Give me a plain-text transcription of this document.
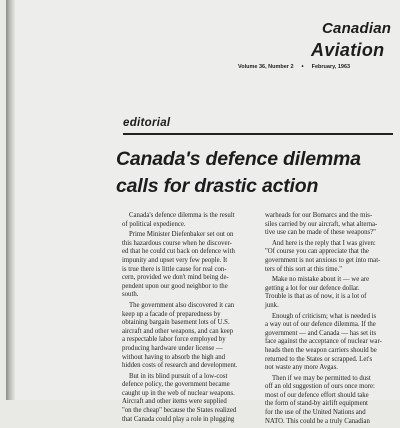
Canadian
Aviation
Volume 36, Number 2 • February, 1963
editorial
Canada's defence dilemma
calls for drastic action

Canada's defence dilemma is the result
of political expedience.

Prime Minister Diefenbaker set out on
this hazardous course when he discover-
ed that he could cut back on defence with
impunity and upset very few people. It
is true there is little cause for real con-
cern, provided we don't mind being de-
pendent upon our good neighbor to the
south.

The government also discovered it can
keep up a facade of preparedness by
obtaining bargain basement lots of U.S.
aircraft and other weapons, and can keep
a respectable labor force employed by
producing hardware under license —
without having to absorb the high and
hidden costs of research and development.

But in its blind pursuit of a low-cost
defence policy, the government became
caught up in the web of nuclear weapons.
Aircraft and other items were supplied
"on the cheap" because the States realized
that Canada could play a role in plugging

warheads for our Bomarcs and the mis-
siles carried by our aircraft, what alterna-
tive use can be made of these weapons?"

And here is the reply that I was given:
"Of course you can appreciate that the
government is not anxious to get into mat-
ters of this sort at this time."

Make no mistake about it — we are
getting a lot for our defence dollar.
Trouble is that as of now, it is a lot of
junk.

Enough of criticism; what is needed is
a way out of our defence dilemma. If the
government — and Canada — has set its
face against the acceptance of nuclear war-
heads then the weapon carriers should be
returned to the States or scrapped. Let's
not waste any more Avgas.

Then if we may be permitted to dust
off an old suggestion of ours once more:
most of our defence effort should take
the form of stand-by airlift equipment
for the use of the United Nations and
NATO. This could be a truly Canadian
